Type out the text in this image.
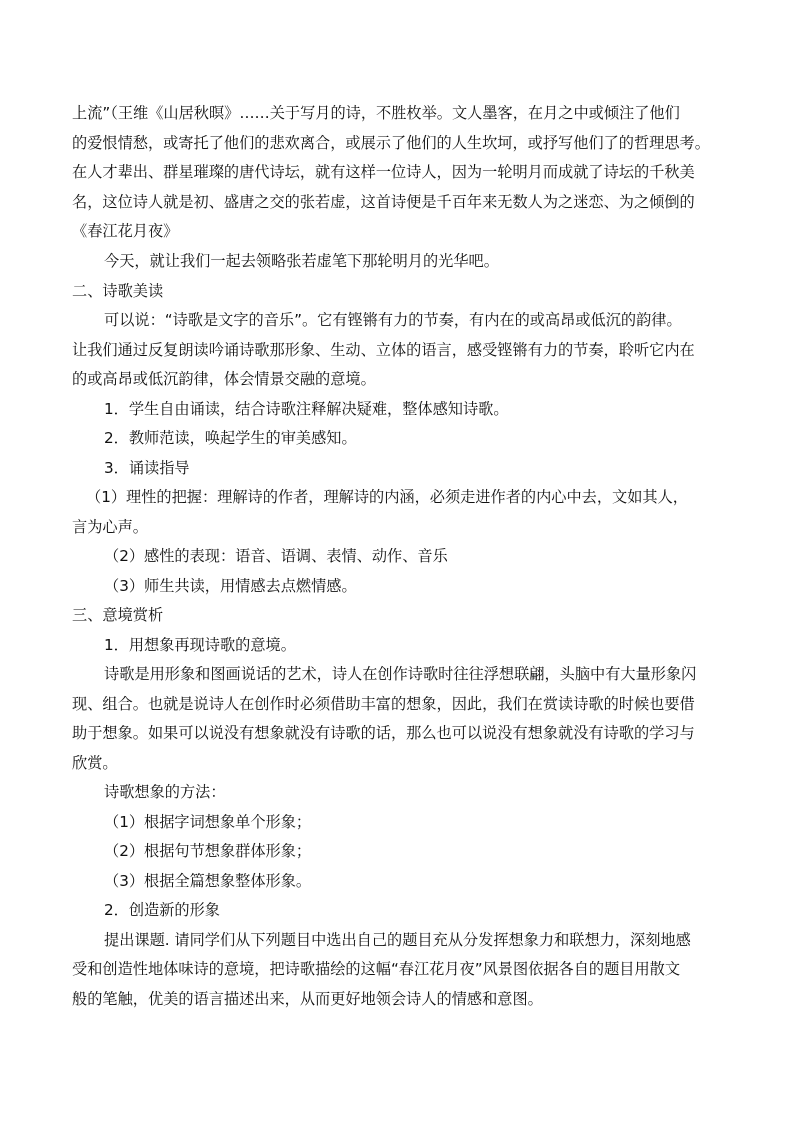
上流”（王维《山居秋暝》……关于写月的诗，不胜枚举。文人墨客，在月之中或倾注了他们

的爱恨情愁，或寄托了他们的悲欢离合，或展示了他们的人生坎坷，或抒写他们了的哲理思考。

在人才辈出、群星璀璨的唐代诗坛，就有这样一位诗人，因为一轮明月而成就了诗坛的千秋美

名，这位诗人就是初、盛唐之交的张若虚，这首诗便是千百年来无数人为之迷恋、为之倾倒的

《春江花月夜》

今天，就让我们一起去领略张若虚笔下那轮明月的光华吧。

二、诗歌美读

可以说：“诗歌是文字的音乐”。它有铿锵有力的节奏，有内在的或高昂或低沉的韵律。

让我们通过反复朗读吟诵诗歌那形象、生动、立体的语言，感受铿锵有力的节奏，聆听它内在

的或高昂或低沉韵律，体会情景交融的意境。

1．学生自由诵读，结合诗歌注释解决疑难，整体感知诗歌。

2．教师范读，唤起学生的审美感知。

3．诵读指导

（1）理性的把握：理解诗的作者，理解诗的内涵，必须走进作者的内心中去，文如其人，

言为心声。

（2）感性的表现：语音、语调、表情、动作、音乐

（3）师生共读，用情感去点燃情感。

三、意境赏析

1．用想象再现诗歌的意境。

诗歌是用形象和图画说话的艺术，诗人在创作诗歌时往往浮想联翩，头脑中有大量形象闪

现、组合。也就是说诗人在创作时必须借助丰富的想象，因此，我们在赏读诗歌的时候也要借

助于想象。如果可以说没有想象就没有诗歌的话，那么也可以说没有想象就没有诗歌的学习与

欣赏。

诗歌想象的方法：

（1）根据字词想象单个形象；

（2）根据句节想象群体形象；

（3）根据全篇想象整体形象。

2．创造新的形象

提出课题. 请同学们从下列题目中选出自己的题目充从分发挥想象力和联想力，深刻地感

受和创造性地体味诗的意境，把诗歌描绘的这幅“春江花月夜”风景图依据各自的题目用散文

般的笔触，优美的语言描述出来，从而更好地领会诗人的情感和意图。
